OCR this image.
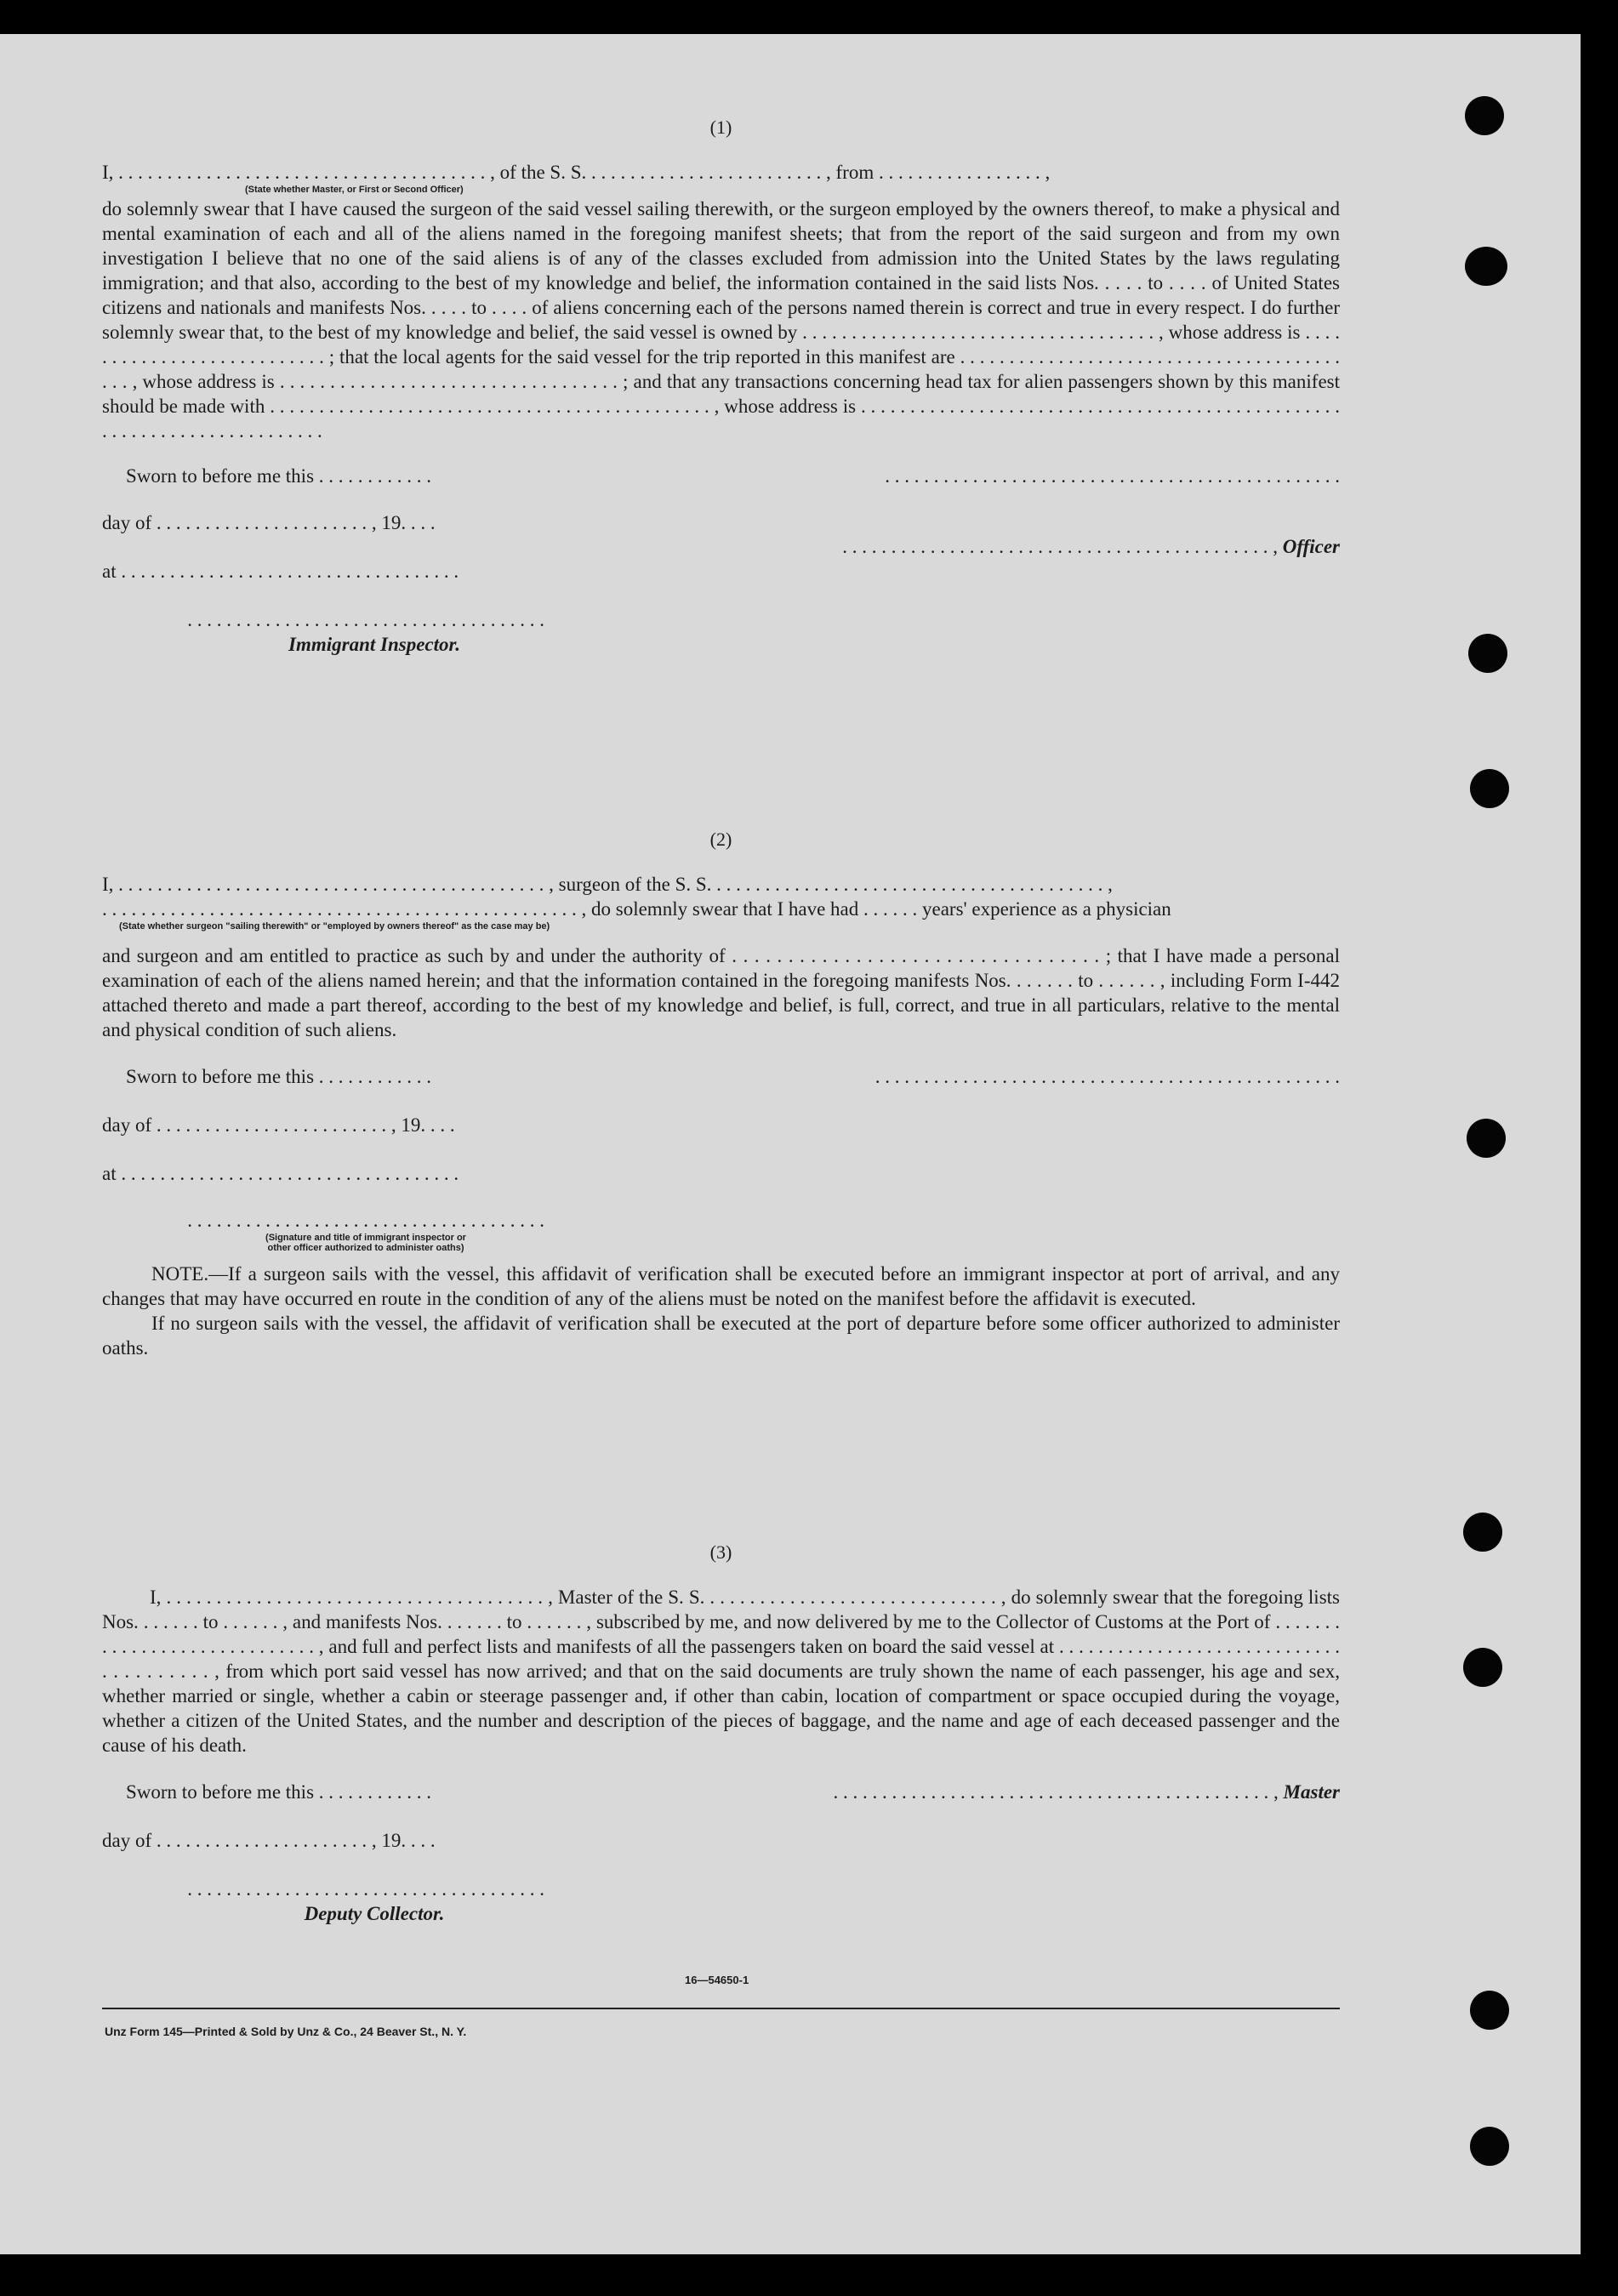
(1)

I, . . . . . . . . . . . . . . . . . . . . . . . . . . . . . . . . . . . . . . , of the S. S. . . . . . . . . . . . . . . . . . . . . . . . . , from . . . . . . . . . . . . . . . . . ,

(State whether Master, or First or Second Officer)

do solemnly swear that I have caused the surgeon of the said vessel sailing therewith, or the surgeon employed by the owners thereof, to make a physical and mental examination of each and all of the aliens named in the foregoing manifest sheets; that from the report of the said surgeon and from my own investigation I believe that no one of the said aliens is of any of the classes excluded from admission into the United States by the laws regulating immigration; and that also, according to the best of my knowledge and belief, the information contained in the said lists Nos. . . . . to . . . . of United States citizens and nationals and manifests Nos. . . . . to . . . . of aliens concerning each of the persons named therein is correct and true in every respect. I do further solemnly swear that, to the best of my knowledge and belief, the said vessel is owned by . . . . . . . . . . . . . . . . . . . . . . . . . . . . . . . . . . . . , whose address is . . . . . . . . . . . . . . . . . . . . . . . . . . . ; that the local agents for the said vessel for the trip reported in this manifest are . . . . . . . . . . . . . . . . . . . . . . . . . . . . . . . . . . . . . . . . . . , whose address is . . . . . . . . . . . . . . . . . . . . . . . . . . . . . . . . . . ; and that any transactions concerning head tax for alien passengers shown by this manifest should be made with . . . . . . . . . . . . . . . . . . . . . . . . . . . . . . . . . . . . . . . . . . . . . , whose address is . . . . . . . . . . . . . . . . . . . . . . . . . . . . . . . . . . . . . . . . . . . . . . . . . . . . . . . . . . . . . . . . . . . . . . . .

Sworn to before me this . . . . . . . . . . . .	. . . . . . . . . . . . . . . . . . . . . . . . . . . . . . . . . . . . . . . . . . . . . . .
day of . . . . . . . . . . . . . . . . . . . . . . , 19. . . .
. . . . . . . . . . . . . . . . . . . . . . . . . . . . . . . . . . . . . . . . . . . . , Officer
at . . . . . . . . . . . . . . . . . . . . . . . . . . . . . . . . . . .
. . . . . . . . . . . . . . . . . . . . . . . . . . . . . . . . . . . . .
Immigrant Inspector.

(2)

I, . . . . . . . . . . . . . . . . . . . . . . . . . . . . . . . . . . . . . . . . . . . . , surgeon of the S. S. . . . . . . . . . . . . . . . . . . . . . . . . . . . . . . . . . . . . . . . . ,

. . . . . . . . . . . . . . . . . . . . . . . . . . . . . . . . . . . . . . . . . . . . . . . . . , do solemnly swear that I have had . . . . . . years' experience as a physician

(State whether surgeon "sailing therewith" or "employed by owners thereof" as the case may be)

and surgeon and am entitled to practice as such by and under the authority of . . . . . . . . . . . . . . . . . . . . . . . . . . . . . . . . . ; that I have made a personal examination of each of the aliens named herein; and that the information contained in the foregoing manifests Nos. . . . . . . to . . . . . . , including Form I-442 attached thereto and made a part thereof, according to the best of my knowledge and belief, is full, correct, and true in all particulars, relative to the mental and physical condition of such aliens.

Sworn to before me this . . . . . . . . . . . .	. . . . . . . . . . . . . . . . . . . . . . . . . . . . . . . . . . . . . . . . . . . . . . . .
day of . . . . . . . . . . . . . . . . . . . . . . . . , 19. . . .
at . . . . . . . . . . . . . . . . . . . . . . . . . . . . . . . . . . .
. . . . . . . . . . . . . . . . . . . . . . . . . . . . . . . . . . . . .
(Signature and title of immigrant inspector or
other officer authorized to administer oaths)

NOTE.—If a surgeon sails with the vessel, this affidavit of verification shall be executed before an immigrant inspector at port of arrival, and any changes that may have occurred en route in the condition of any of the aliens must be noted on the manifest before the affidavit is executed.

If no surgeon sails with the vessel, the affidavit of verification shall be executed at the port of departure before some officer authorized to administer oaths.

(3)

I, . . . . . . . . . . . . . . . . . . . . . . . . . . . . . . . . . . . . . . , Master of the S. S. . . . . . . . . . . . . . . . . . . . . . . . . . . . . . , do solemnly swear that the foregoing lists Nos. . . . . . . to . . . . . . , and manifests Nos. . . . . . . to . . . . . . , subscribed by me, and now delivered by me to the Collector of Customs at the Port of . . . . . . . . . . . . . . . . . . . . . . . . . . . . . , and full and perfect lists and manifests of all the passengers taken on board the said vessel at . . . . . . . . . . . . . . . . . . . . . . . . . . . . . . . . . . . . . . . , from which port said vessel has now arrived; and that on the said documents are truly shown the name of each passenger, his age and sex, whether married or single, whether a cabin or steerage passenger and, if other than cabin, location of compartment or space occupied during the voyage, whether a citizen of the United States, and the number and description of the pieces of baggage, and the name and age of each deceased passenger and the cause of his death.

Sworn to before me this . . . . . . . . . . . .	. . . . . . . . . . . . . . . . . . . . . . . . . . . . . . . . . . . . . . . . . . . . . , Master
day of . . . . . . . . . . . . . . . . . . . . . . , 19. . . .
. . . . . . . . . . . . . . . . . . . . . . . . . . . . . . . . . . . . .
Deputy Collector.
16—54650-1
Unz Form 145—Printed & Sold by Unz & Co., 24 Beaver St., N. Y.
